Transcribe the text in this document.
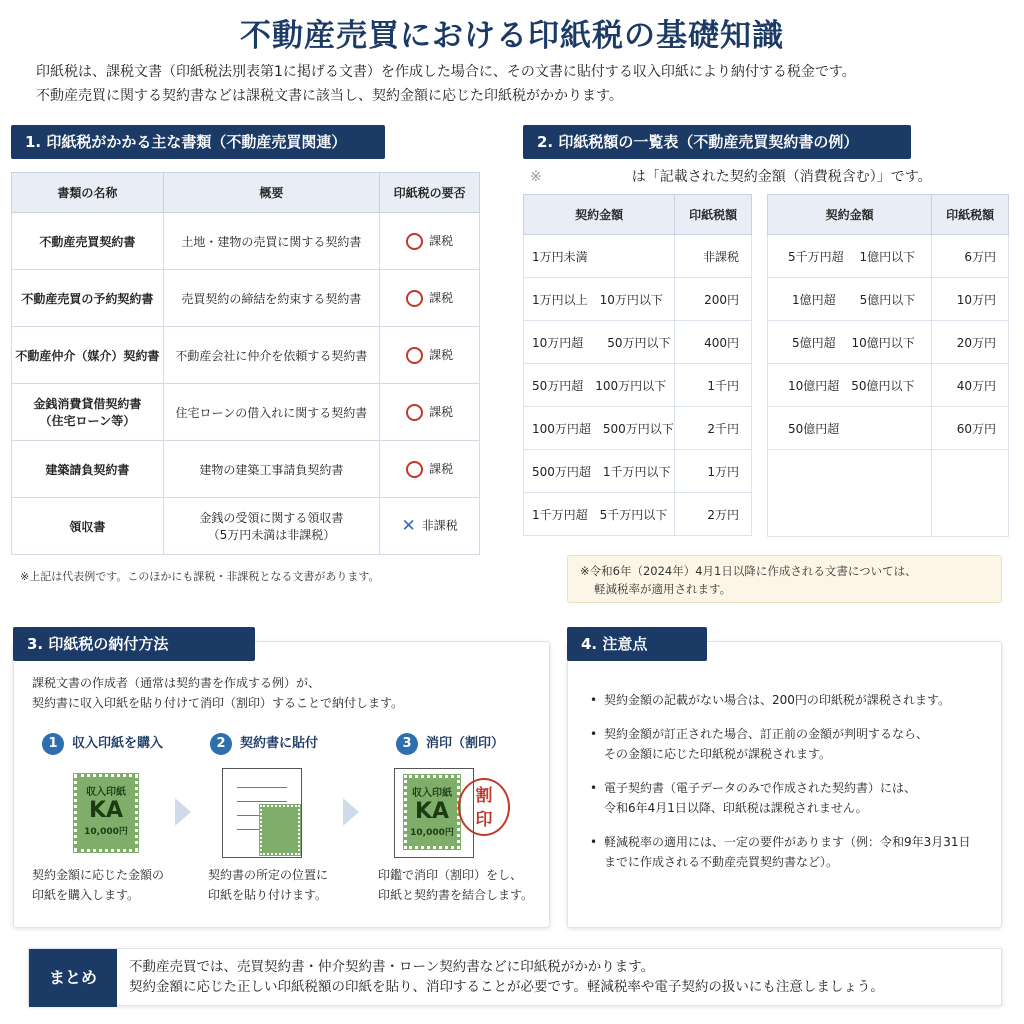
不動産売買における印紙税の基礎知識
印紙税は、課税文書（印紙税法別表第1に掲げる文書）を作成した場合に、その文書に貼付する収入印紙により納付する税金です。
不動産売買に関する契約書などは課税文書に該当し、契約金額に応じた印紙税がかかります。
1. 印紙税がかかる主な書類（不動産売買関連）
書類の名称	概要	印紙税の要否
不動産売買契約書	土地・建物の売買に関する契約書	課税
不動産売買の予約契約書	売買契約の締結を約束する契約書	課税
不動産仲介（媒介）契約書	不動産会社に仲介を依頼する契約書	課税

金銭消費貸借契約書
（住宅ローン等）	住宅ローンの借入れに関する契約書	課税
建築請負契約書	建物の建築工事請負契約書	課税
領収書	金銭の受領に関する領収書
（5万円未満は非課税）	✕ 非課税
※上記は代表例です。このほかにも課税・非課税となる文書があります。
2. 印紙税額の一覧表（不動産売買契約書の例）
※	は「記載された契約金額（消費税含む）」です。
契約金額	印紙税額
1万円未満	非課税
1万円以上　10万円以下	200円
10万円超　　50万円以下	400円
50万円超　100万円以下	1千円
100万円超　500万円以下	2千円
500万円超　1千万円以下	1万円
1千万円超　5千万円以下	2万円
契約金額	印紙税額
5千万円超　 1億円以下	6万円
1億円超　　5億円以下	10万円
5億円超　 10億円以下	20万円
10億円超　50億円以下	40万円
50億円超	60万円

※令和6年（2024年）4月1日以降に作成される文書については、
軽減税率が適用されます。
3. 印紙税の納付方法
課税文書の作成者（通常は契約書を作成する例）が、
契約書に収入印紙を貼り付けて消印（割印）することで納付します。
1 収入印紙を購入
収入印紙
KA
10,000円
契約金額に応じた金額の
印紙を購入します。
2 契約書に貼付
契約書の所定の位置に
印紙を貼り付けます。
3 消印（割印）
収入印紙
KA
10,000円
割
印
印鑑で消印（割印）をし、
印紙と契約書を結合します。
4. 注意点
• 契約金額の記載がない場合は、200円の印紙税が課税されます。
• 契約金額が訂正された場合、訂正前の金額が判明するなら、
その金額に応じた印紙税が課税されます。
• 電子契約書（電子データのみで作成された契約書）には、
令和6年4月1日以降、印紙税は課税されません。
• 軽減税率の適用には、一定の要件があります（例：令和9年3月31日
までに作成される不動産売買契約書など）。
まとめ
不動産売買では、売買契約書・仲介契約書・ローン契約書などに印紙税がかかります。
契約金額に応じた正しい印紙税額の印紙を貼り、消印することが必要です。軽減税率や電子契約の扱いにも注意しましょう。
